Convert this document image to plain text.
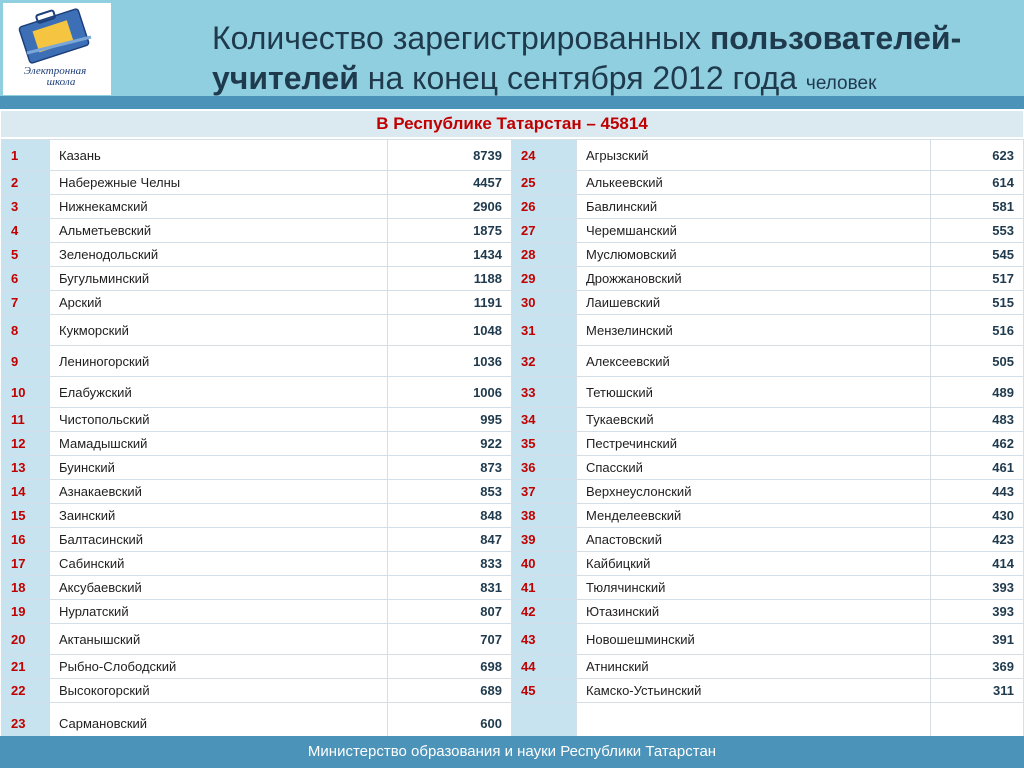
Электронная
школа
Количество зарегистрированных пользователей-
учителей на конец сентября 2012 года человек
В Республике Татарстан – 45814
1	Казань	8739	24	Агрызский	623
2	Набережные Челны	4457	25	Алькеевский	614
3	Нижнекамский	2906	26	Бавлинский	581
4	Альметьевский	1875	27	Черемшанский	553
5	Зеленодольский	1434	28	Муслюмовский	545
6	Бугульминский	1188	29	Дрожжановский	517
7	Арский	1191	30	Лаишевский	515
8	Кукморский	1048	31	Мензелинский	516
9	Лениногорский	1036	32	Алексеевский	505
10	Елабужский	1006	33	Тетюшский	489
11	Чистопольский	995	34	Тукаевский	483
12	Мамадышский	922	35	Пестречинский	462
13	Буинский	873	36	Спасский	461
14	Азнакаевский	853	37	Верхнеуслонский	443
15	Заинский	848	38	Менделеевский	430
16	Балтасинский	847	39	Апастовский	423
17	Сабинский	833	40	Кайбицкий	414
18	Аксубаевский	831	41	Тюлячинский	393
19	Нурлатский	807	42	Ютазинский	393
20	Актанышский	707	43	Новошешминский	391
21	Рыбно-Слободский	698	44	Атнинский	369
22	Высокогорский	689	45	Камско-Устьинский	311
23	Сармановский	600			
Министерство образования и науки Республики Татарстан
